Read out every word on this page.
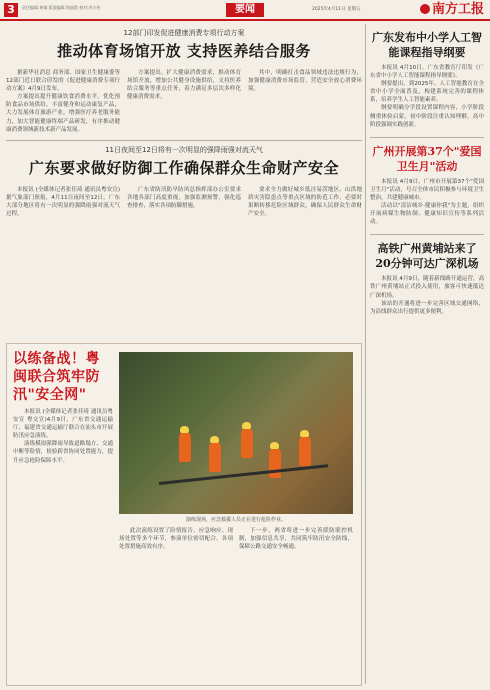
3	责任编辑:黄婧 版面编辑:钱丽霞 校对:麦丰传	要闻	2025年4月11日 星期五	南方工报
12部门印发促进健康消费专项行动方案
推动体育场馆开放 支持医养结合服务

据新华社消息 商务部、国家卫生健康委等12部门近日联合印发的《促进健康消费专项行动方案》4月9日发布。

方案提出提升健康饮食消费水平，优化预防食品市场供给，丰富健身和运动康复产品，大力发展体育旅游产业，增强医疗养老服务能力，加大智能健康终端产品研发，有序推动健康消费领域新技术新产品发展。

方案提出，扩大健康消费需求，推动体育场馆开放，增加公共健身设施供给，支持医养结合服务等重点任务，着力满足多层次多样化健康消费需求。

其中，明确打击食品领域违法违规行为，加强健康消费市场监管，营造安全放心消费环境。

11日夜间至12日将有一次明显的强降雨强对流天气
广东要求做好防御工作确保群众生命财产安全

本报讯 (全媒体记者张佳琦 通讯员粤安宣)据气象部门预报，4月11日夜间至12日，广东大部分地区将有一次明显的强降雨强对流天气过程。

广东省防汛防旱防风总指挥部办公室要求各地各部门高度重视，加强监测预警，强化巡查排查，落实各项防御措施。

要求全力做好城乡低洼易涝地区、山洪地质灾害隐患点等重点区域的防范工作，必要时果断转移危险区域群众，确保人民群众生命财产安全。

以练备战！粤闽联合筑牢防汛"安全网"

本报讯 (全媒体记者张佳琦 通讯员粤安宣 粤交宣)4月9日，广东省交通运输厅、福建省交通运输厅联合在汕头市开展防汛应急演练。

演练模拟强降雨导致道路塌方、交通中断等险情，检验跨省协同处置能力，提升应急抢险保障水平。

演练现场，应急救援人员正在进行抢险作业。

此次演练设置了险情报告、应急响应、现场处置等多个环节，参演单位密切配合，各项处置措施高效有序。

下一步，两省将进一步完善联防联控机制，加强信息共享，共同筑牢防汛安全防线，保障公路交通安全畅通。

广东发布中小学人工智能课程指导纲要

本报讯 4月10日，广东省教育厅印发《广东省中小学人工智能课程指导纲要》。

纲要提出，到2025年，人工智能教育在全省中小学全面普及，构建系统完善的课程体系，培养学生人工智能素养。

纲要明确分学段设置课程内容，小学阶段侧重体验启蒙，初中阶段注重认知理解，高中阶段强调实践创新。

广州开展第37个"爱国卫生月"活动

本报讯 4月9日，广州市开展第37个"爱国卫生月"活动，号召全体市民积极参与环境卫生整治，共建健康城市。

活动以"清洁城乡·健康你我"为主题，组织开展病媒生物防制、健康知识宣传等系列活动。

高铁广州黄埔站来了20分钟可达广深机场

本报讯 4月9日，随着新线路开通运营，高铁广州黄埔站正式投入使用，旅客可快速抵达广深机场。

该站的开通将进一步完善区域交通网络，为沿线群众出行提供更多便利。
